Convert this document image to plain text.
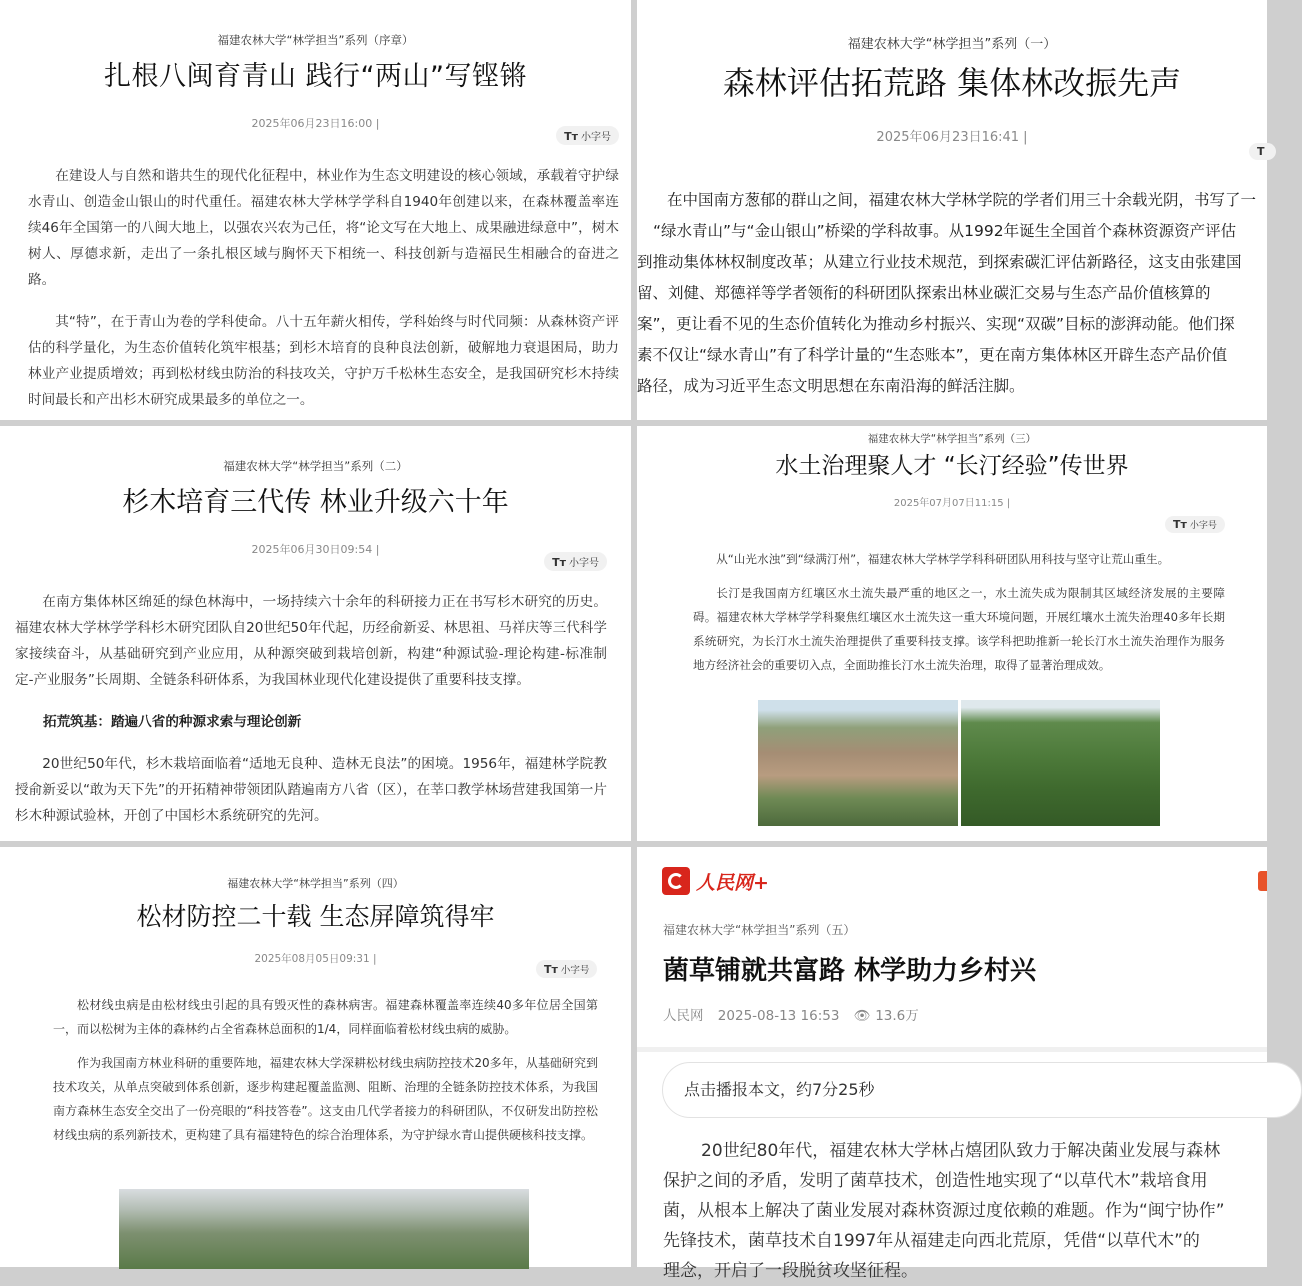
福建农林大学“林学担当”系列（序章）
扎根八闽育青山 践行“两山”写铿锵
2025年06月23日16:00 |
Tт 小字号

在建设人与自然和谐共生的现代化征程中，林业作为生态文明建设的核心领域，承载着守护绿水青山、创造金山银山的时代重任。福建农林大学林学学科自1940年创建以来，在森林覆盖率连续46年全国第一的八闽大地上，以强农兴农为己任，将“论文写在大地上、成果融进绿意中”，树木树人、厚德求新，走出了一条扎根区域与胸怀天下相统一、科技创新与造福民生相融合的奋进之路。

其“特”，在于青山为卷的学科使命。八十五年薪火相传，学科始终与时代同频：从森林资产评估的科学量化，为生态价值转化筑牢根基；到杉木培育的良种良法创新，破解地力衰退困局，助力林业产业提质增效；再到松材线虫防治的科技攻关，守护万千松林生态安全，是我国研究杉木持续时间最长和产出杉木研究成果最多的单位之一。

福建农林大学“林学担当”系列（一）
森林评估拓荒路 集体林改振先声
2025年06月23日16:41 |
T
在中国南方葱郁的群山之间，福建农林大学林学院的学者们用三十余载光阴，书写了一
“绿水青山”与“金山银山”桥梁的学科故事。从1992年诞生全国首个森林资源资产评估
到推动集体林权制度改革；从建立行业技术规范，到探索碳汇评估新路径，这支由张建国
留、刘健、郑德祥等学者领衔的科研团队探索出林业碳汇交易与生态产品价值核算的
案”，更让看不见的生态价值转化为推动乡村振兴、实现“双碳”目标的澎湃动能。他们探
素不仅让“绿水青山”有了科学计量的“生态账本”，更在南方集体林区开辟生态产品价值
路径，成为习近平生态文明思想在东南沿海的鲜活注脚。
福建农林大学“林学担当”系列（二）
杉木培育三代传 林业升级六十年
2025年06月30日09:54 |
Tт 小字号

在南方集体林区绵延的绿色林海中，一场持续六十余年的科研接力正在书写杉木研究的历史。福建农林大学林学学科杉木研究团队自20世纪50年代起，历经俞新妥、林思祖、马祥庆等三代科学家接续奋斗，从基础研究到产业应用，从种源突破到栽培创新，构建“种源试验-理论构建-标准制定-产业服务”长周期、全链条科研体系，为我国林业现代化建设提供了重要科技支撑。

拓荒筑基：踏遍八省的种源求索与理论创新

20世纪50年代，杉木栽培面临着“适地无良种、造林无良法”的困境。1956年，福建林学院教授俞新妥以“敢为天下先”的开拓精神带领团队踏遍南方八省（区），在莘口教学林场营建我国第一片杉木种源试验林，开创了中国杉木系统研究的先河。

福建农林大学“林学担当”系列（三）
水土治理聚人才 “长汀经验”传世界
2025年07月07日11:15 |
Tт 小字号

从“山光水浊”到“绿满汀州”，福建农林大学林学学科科研团队用科技与坚守让荒山重生。

长汀是我国南方红壤区水土流失最严重的地区之一，水土流失成为限制其区域经济发展的主要障碍。福建农林大学林学学科聚焦红壤区水土流失这一重大环境问题，开展红壤水土流失治理40多年长期系统研究，为长汀水土流失治理提供了重要科技支撑。该学科把助推新一轮长汀水土流失治理作为服务地方经济社会的重要切入点，全面助推长汀水土流失治理，取得了显著治理成效。

福建农林大学“林学担当”系列（四）
松材防控二十载 生态屏障筑得牢
2025年08月05日09:31 |
Tт 小字号

松材线虫病是由松材线虫引起的具有毁灭性的森林病害。福建森林覆盖率连续40多年位居全国第一，而以松树为主体的森林约占全省森林总面积的1/4，同样面临着松材线虫病的威胁。

作为我国南方林业科研的重要阵地，福建农林大学深耕松材线虫病防控技术20多年，从基础研究到技术攻关，从单点突破到体系创新，逐步构建起覆盖监测、阻断、治理的全链条防控技术体系，为我国南方森林生态安全交出了一份亮眼的“科技答卷”。这支由几代学者接力的科研团队，不仅研发出防控松材线虫病的系列新技术，更构建了具有福建特色的综合治理体系，为守护绿水青山提供硬核科技支撑。

人民网+
福建农林大学“林学担当”系列（五）
菌草铺就共富路 林学助力乡村兴
人民网 2025-08-13 16:53 👁 13.6万
点击播报本文，约7分25秒
20世纪80年代，福建农林大学林占熺团队致力于解决菌业发展与森林
保护之间的矛盾，发明了菌草技术，创造性地实现了“以草代木”栽培食用
菌，从根本上解决了菌业发展对森林资源过度依赖的难题。作为“闽宁协作”
先锋技术，菌草技术自1997年从福建走向西北荒原，凭借“以草代木”的
理念，开启了一段脱贫攻坚征程。
